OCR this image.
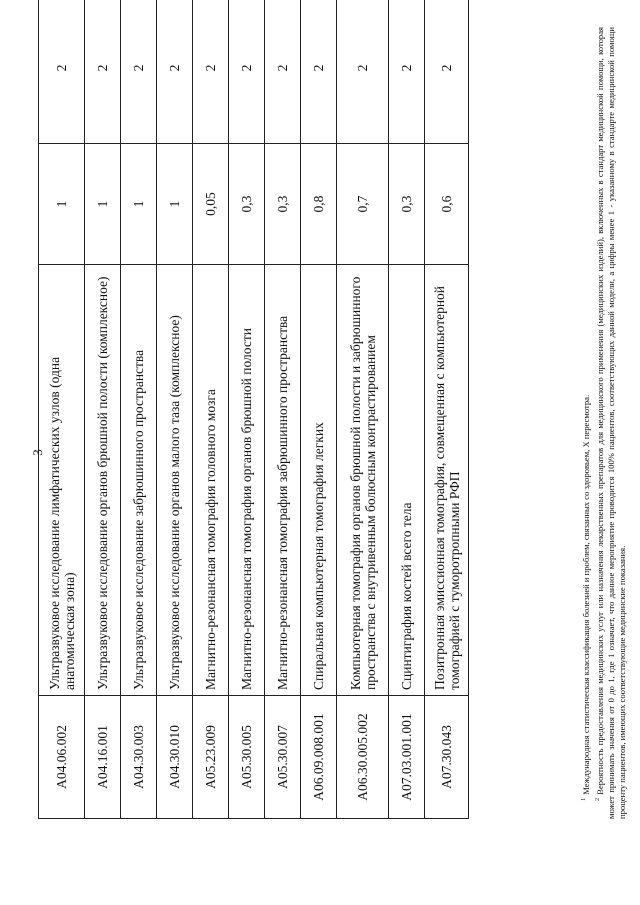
3
A04.06.002	Ультразвуковое исследование лимфатических узлов (одна анатомическая зона)	1	2
A04.16.001	Ультразвуковое исследование органов брюшной полости (комплексное)	1	2
A04.30.003	Ультразвуковое исследование забрюшинного пространства	1	2
A04.30.010	Ультразвуковое исследование органов малого таза (комплексное)	1	2
A05.23.009	Магнитно-резонансная томография головного мозга	0,05	2
A05.30.005	Магнитно-резонансная томография органов брюшной полости	0,3	2
A05.30.007	Магнитно-резонансная томография забрюшинного пространства	0,3	2
A06.09.008.001	Спиральная компьютерная томография легких	0,8	2
A06.30.005.002	Компьютерная томография органов брюшной полости и забрюшинного пространства с внутривенным болюсным контрастированием	0,7	2
A07.03.001.001	Сцинтиграфия костей всего тела	0,3	2
A07.30.043	Позитронная эмиссионная томография, совмещенная с компьютерной томографией с туморотропными РФП	0,6	2

$^1$Международная статистическая классификация болезней и проблем, связанных со здоровьем, X пересмотра.

$^2$Вероятность предоставления медицинских услуг или назначения лекарственных препаратов для медицинского применения (медицинских изделий), включенных в стандарт медицинской помощи, которая может принимать значения от 0 до 1, где 1 означает, что данное мероприятие проводится 100% пациентов, соответствующих данной модели, а цифры менее 1 - указанному в стандарте медицинской помощи проценту пациентов, имеющих соответствующие медицинские показания.
